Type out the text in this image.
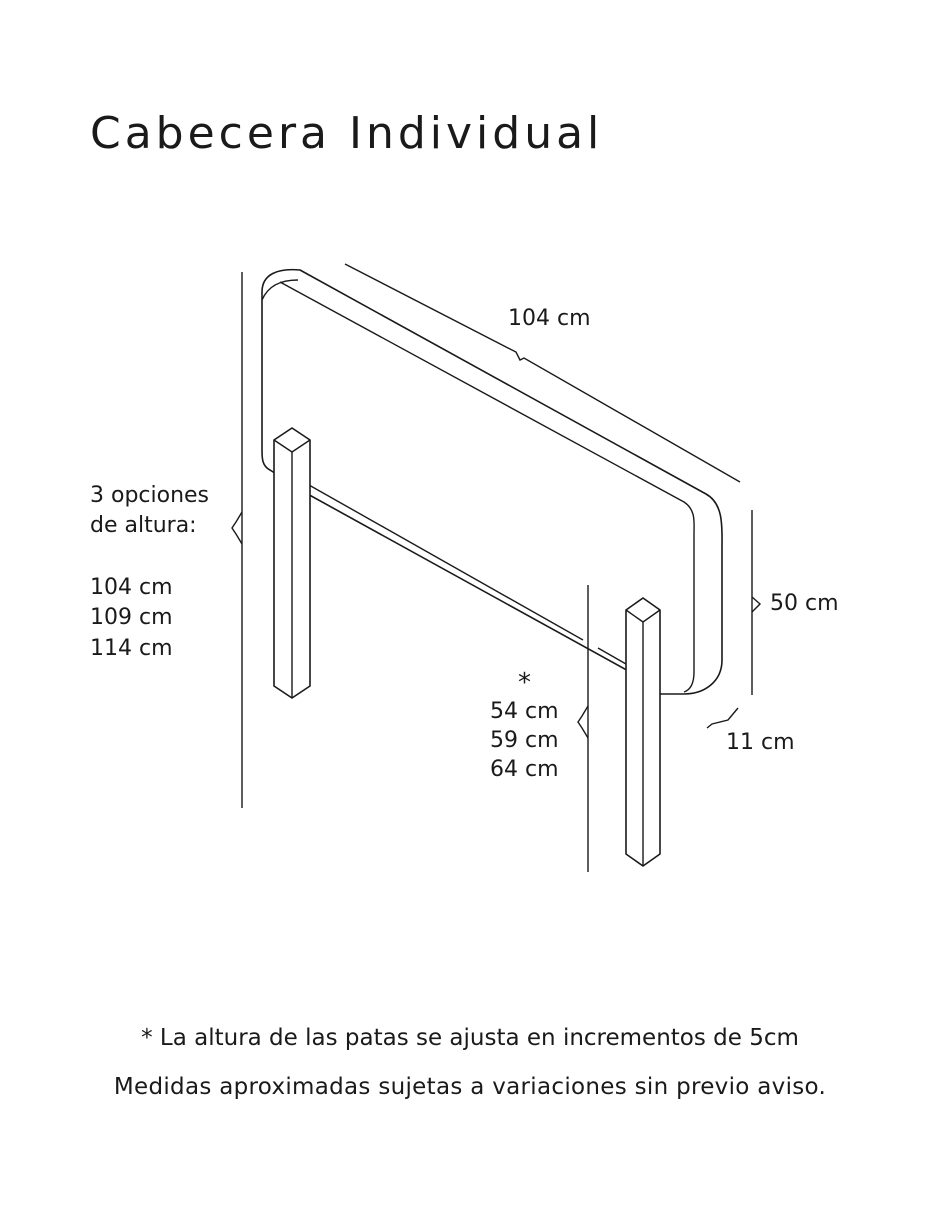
Cabecera Individual
104 cm
50 cm
11 cm
3 opciones
de altura:
104 cm
109 cm
114 cm
*
54 cm
59 cm
64 cm
* La altura de las patas se ajusta en incrementos de 5cm
Medidas aproximadas sujetas a variaciones sin previo aviso.
